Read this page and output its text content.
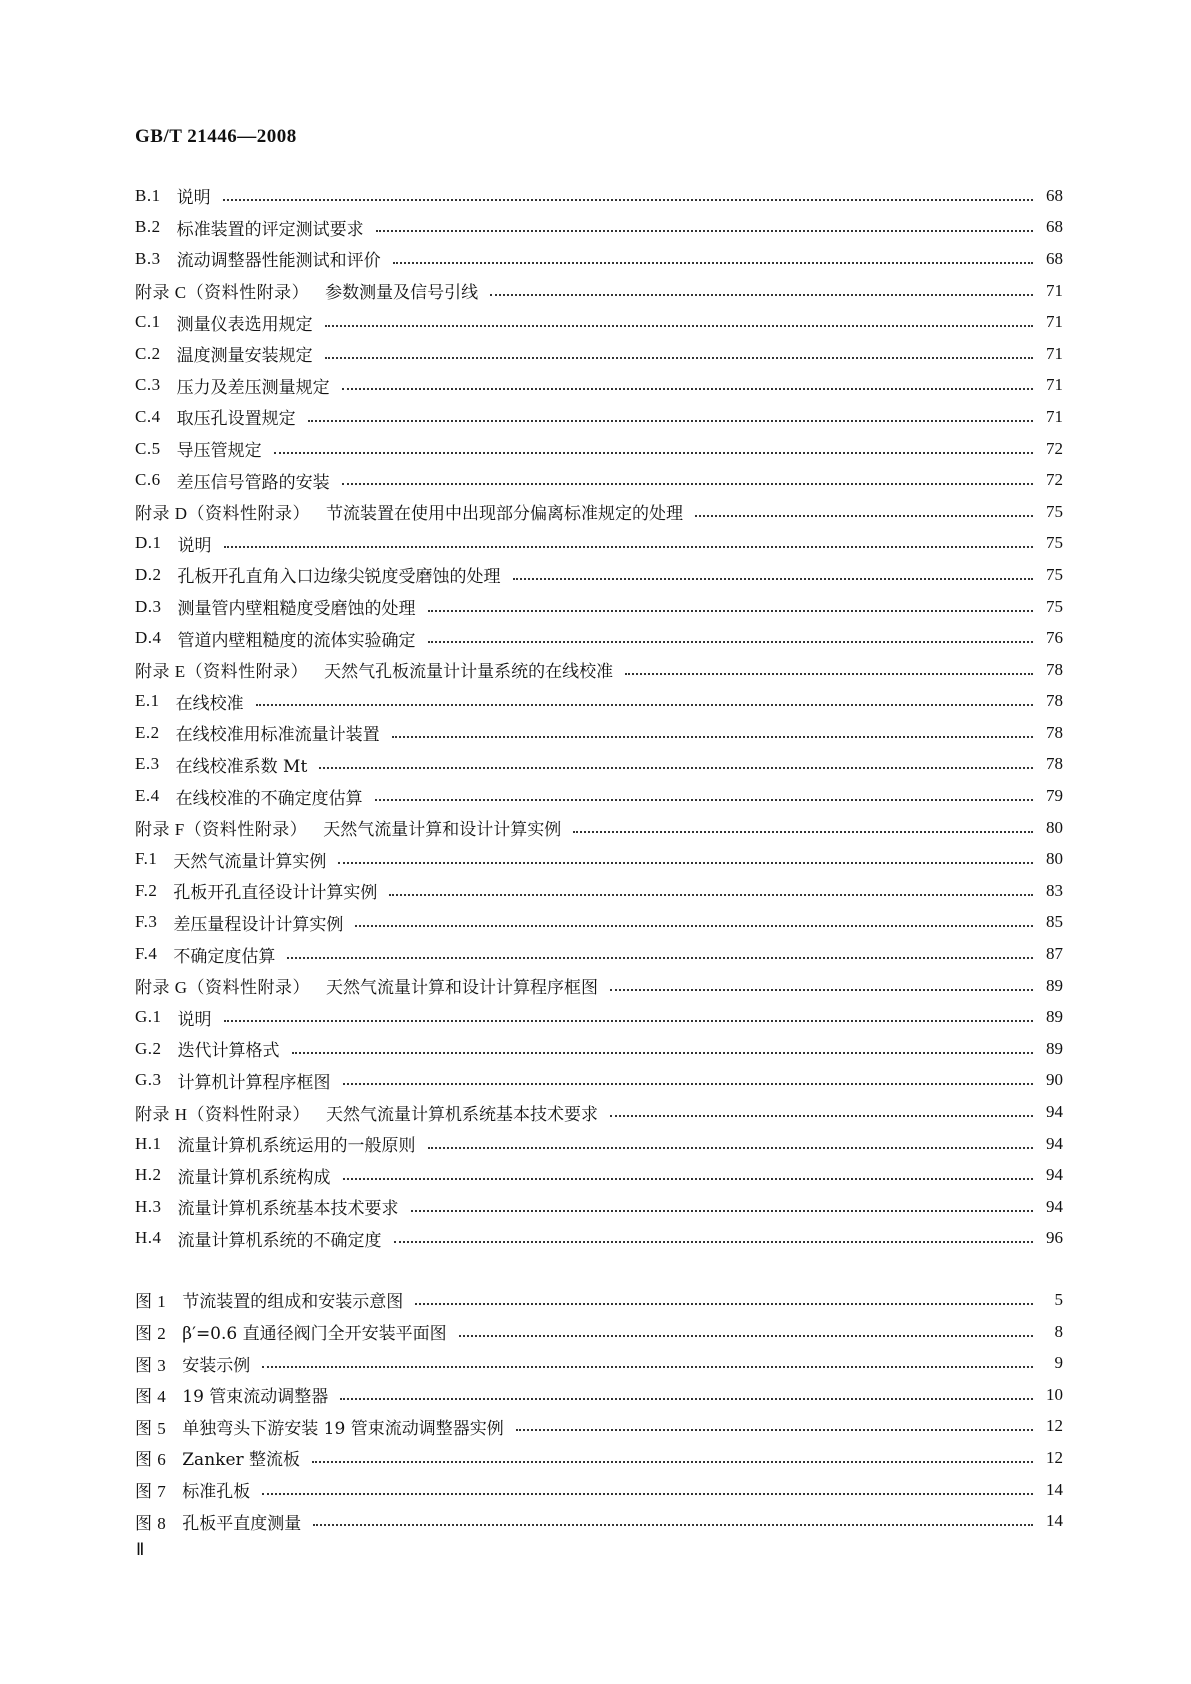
GB/T 21446—2008
B.1 说明	68
B.2 标准装置的评定测试要求	68
B.3 流动调整器性能测试和评价	68
附录 C（资料性附录） 参数测量及信号引线	71
C.1 测量仪表选用规定	71
C.2 温度测量安装规定	71
C.3 压力及差压测量规定	71
C.4 取压孔设置规定	71
C.5 导压管规定	72
C.6 差压信号管路的安装	72
附录 D（资料性附录） 节流装置在使用中出现部分偏离标准规定的处理	75
D.1 说明	75
D.2 孔板开孔直角入口边缘尖锐度受磨蚀的处理	75
D.3 测量管内壁粗糙度受磨蚀的处理	75
D.4 管道内壁粗糙度的流体实验确定	76
附录 E（资料性附录） 天然气孔板流量计计量系统的在线校准	78
E.1 在线校准	78
E.2 在线校准用标准流量计装置	78
E.3 在线校准系数 Mt	78
E.4 在线校准的不确定度估算	79
附录 F（资料性附录） 天然气流量计算和设计计算实例	80
F.1 天然气流量计算实例	80
F.2 孔板开孔直径设计计算实例	83
F.3 差压量程设计计算实例	85
F.4 不确定度估算	87
附录 G（资料性附录） 天然气流量计算和设计计算程序框图	89
G.1 说明	89
G.2 迭代计算格式	89
G.3 计算机计算程序框图	90
附录 H（资料性附录） 天然气流量计算机系统基本技术要求	94
H.1 流量计算机系统运用的一般原则	94
H.2 流量计算机系统构成	94
H.3 流量计算机系统基本技术要求	94
H.4 流量计算机系统的不确定度	96
图 1 节流装置的组成和安装示意图	5
图 2 β′=0.6 直通径阀门全开安装平面图	8
图 3 安装示例	9
图 4 19 管束流动调整器	10
图 5 单独弯头下游安装 19 管束流动调整器实例	12
图 6 Zanker 整流板	12
图 7 标准孔板	14
图 8 孔板平直度测量	14
Ⅱ
